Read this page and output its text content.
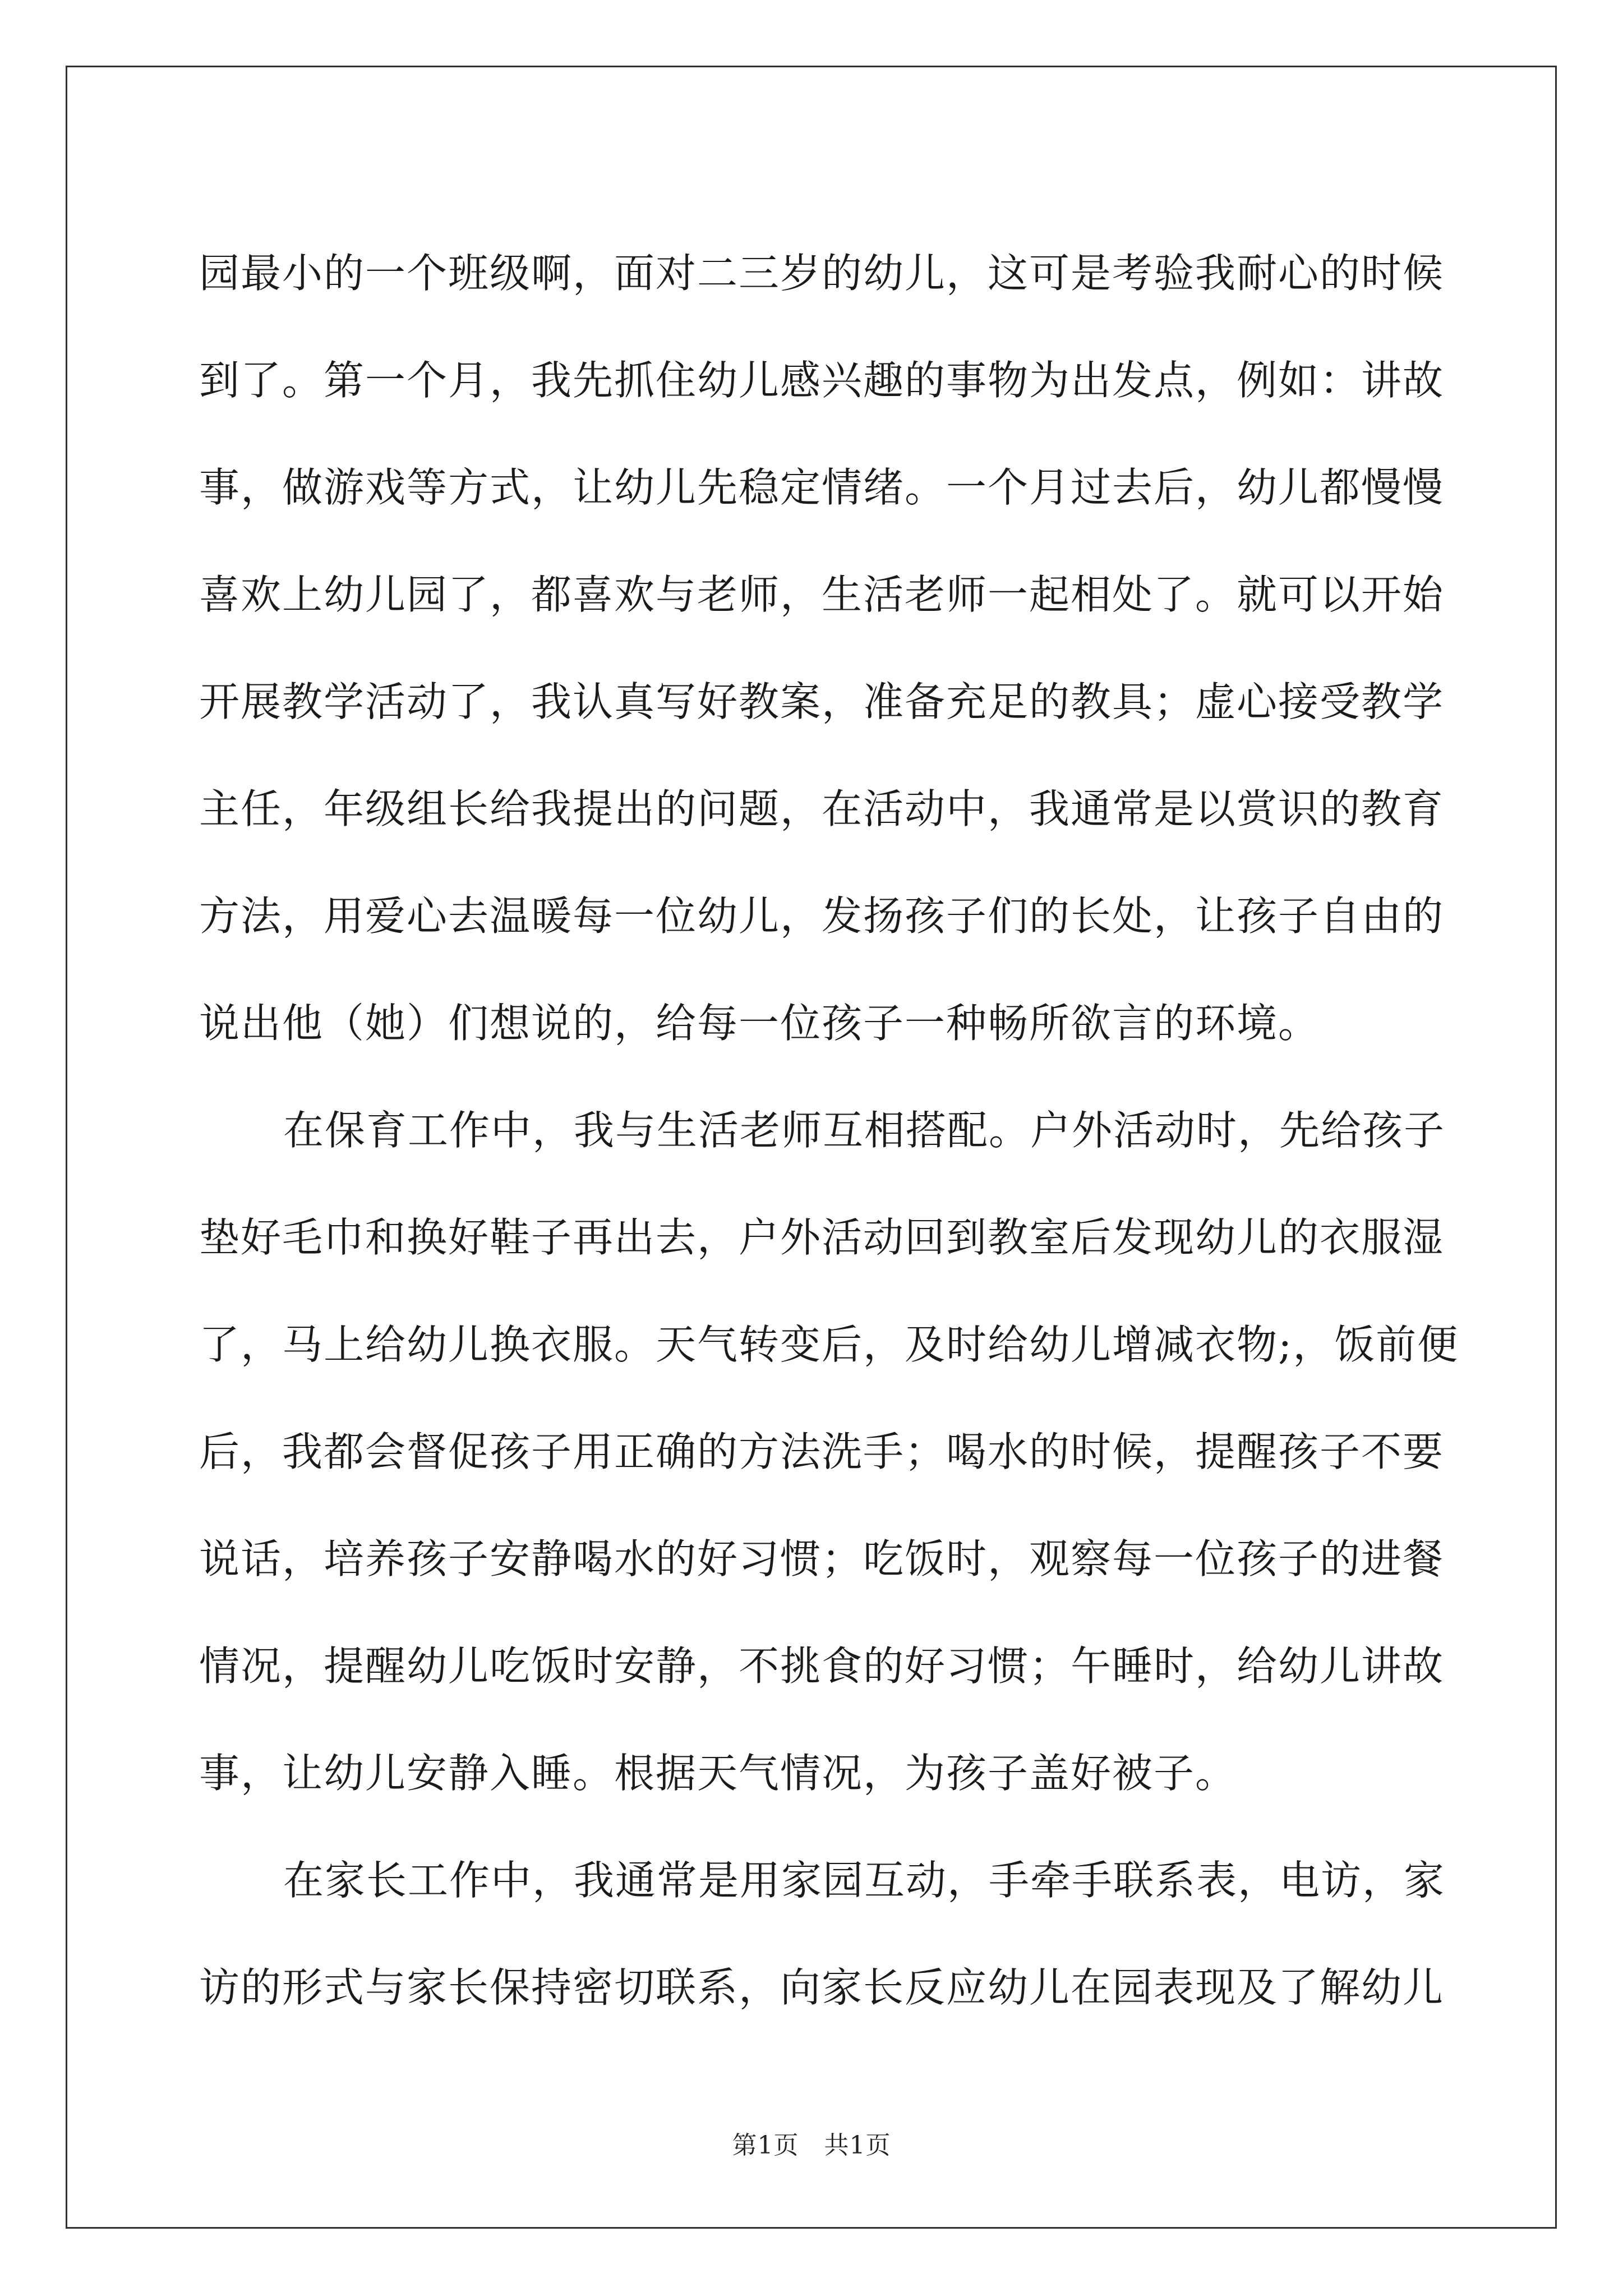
园最小的一个班级啊，面对二三岁的幼儿，这可是考验我耐心的时候
到了。第一个月，我先抓住幼儿感兴趣的事物为出发点，例如：讲故
事，做游戏等方式，让幼儿先稳定情绪。一个月过去后，幼儿都慢慢
喜欢上幼儿园了，都喜欢与老师，生活老师一起相处了。就可以开始
开展教学活动了，我认真写好教案，准备充足的教具；虚心接受教学
主任，年级组长给我提出的问题，在活动中，我通常是以赏识的教育
方法，用爱心去温暖每一位幼儿，发扬孩子们的长处，让孩子自由的
说出他（她）们想说的，给每一位孩子一种畅所欲言的环境。

在保育工作中，我与生活老师互相搭配。户外活动时，先给孩子
垫好毛巾和换好鞋子再出去，户外活动回到教室后发现幼儿的衣服湿
了，马上给幼儿换衣服。天气转变后，及时给幼儿增减衣物;，饭前便
后，我都会督促孩子用正确的方法洗手；喝水的时候，提醒孩子不要
说话，培养孩子安静喝水的好习惯；吃饭时，观察每一位孩子的进餐
情况，提醒幼儿吃饭时安静，不挑食的好习惯；午睡时，给幼儿讲故
事，让幼儿安静入睡。根据天气情况，为孩子盖好被子。

在家长工作中，我通常是用家园互动，手牵手联系表，电访，家
访的形式与家长保持密切联系，向家长反应幼儿在园表现及了解幼儿

第1页　共1页
